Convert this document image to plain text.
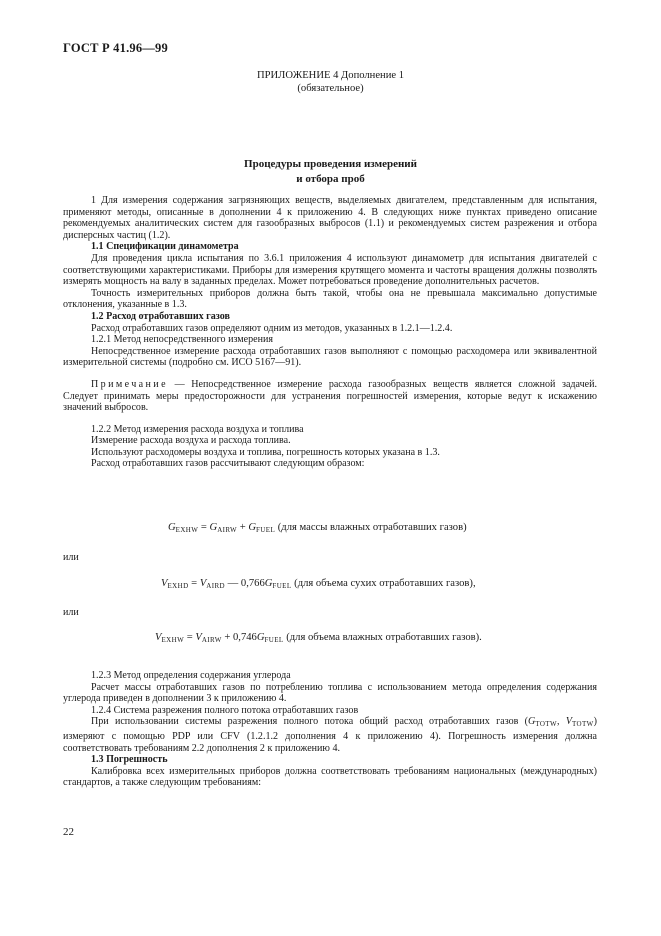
ГОСТ Р 41.96—99
ПРИЛОЖЕНИЕ 4 Дополнение 1
(обязательное)
Процедуры проведения измерений
и отбора проб

1 Для измерения содержания загрязняющих веществ, выделяемых двигателем, представленным для испытания, применяют методы, описанные в дополнении 4 к приложению 4. В следующих ниже пунктах приведено описание рекомендуемых аналитических систем для газообразных выбросов (1.1) и рекомендуемых систем разрежения и отбора дисперсных частиц (1.2).

1.1 Спецификации динамометра

Для проведения цикла испытания по 3.6.1 приложения 4 используют динамометр для испытания двигателей с соответствующими характеристиками. Приборы для измерения крутящего момента и частоты вращения должны позволять измерять мощность на валу в заданных пределах. Может потребоваться проведение дополнительных расчетов.

Точность измерительных приборов должна быть такой, чтобы она не превышала максимально допустимые отклонения, указанные в 1.3.

1.2 Расход отработавших газов

Расход отработавших газов определяют одним из методов, указанных в 1.2.1—1.2.4.

1.2.1 Метод непосредственного измерения

Непосредственное измерение расхода отработавших газов выполняют с помощью расходомера или эквивалентной измерительной системы (подробно см. ИСО 5167—91).

Примечание — Непосредственное измерение расхода газообразных веществ является сложной задачей. Следует принимать меры предосторожности для устранения погрешностей измерения, которые ведут к искажению значений выбросов.

1.2.2 Метод измерения расхода воздуха и топлива

Измерение расхода воздуха и расхода топлива.

Используют расходомеры воздуха и топлива, погрешность которых указана в 1.3.

Расход отработавших газов рассчитывают следующим образом:

$G_{EXHW} = G_{AIRW} + G_{FUEL}$ (для массы влажных отработавших газов)
или
$V_{EXHD} = V_{AIRD}$ — $0,766G_{FUEL}$ (для объема сухих отработавших газов),
или
$V_{EXHW} = V_{AIRW} + 0,746G_{FUEL}$ (для объема влажных отработавших газов).

1.2.3 Метод определения содержания углерода

Расчет массы отработавших газов по потреблению топлива с использованием метода определения содержания углерода приведен в дополнении 3 к приложению 4.

1.2.4 Система разрежения полного потока отработавших газов

При использовании системы разрежения полного потока общий расход отработавших газов ($G_{TOTW}$, $V_{TOTW}$) измеряют с помощью PDP или CFV (1.2.1.2 дополнения 4 к приложению 4). Погрешность измерения должна соответствовать требованиям 2.2 дополнения 2 к приложению 4.

1.3 Погрешность

Калибровка всех измерительных приборов должна соответствовать требованиям национальных (международных) стандартов, а также следующим требованиям:

22
